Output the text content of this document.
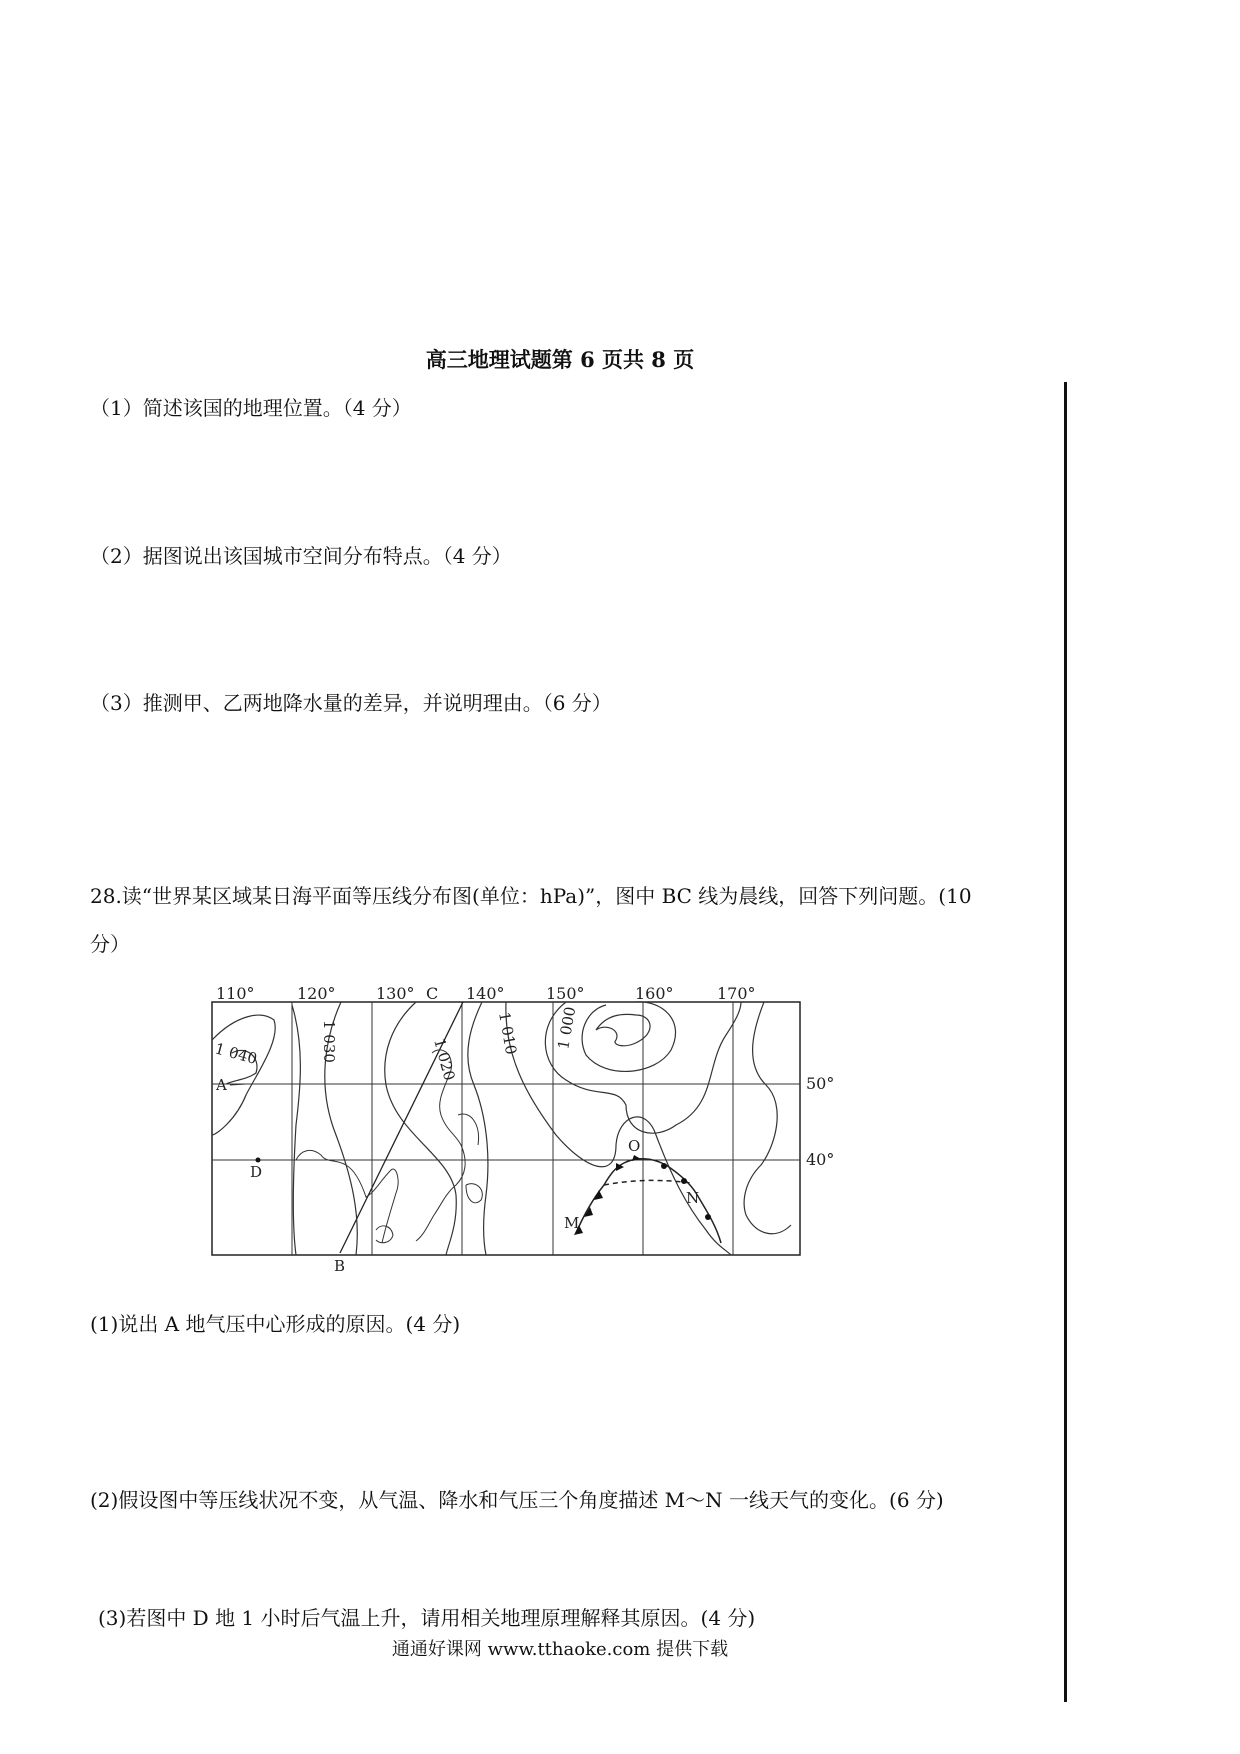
高三地理试题第 6 页共 8 页
（1）简述该国的地理位置。（4 分）
（2）据图说出该国城市空间分布特点。（4 分）
（3）推测甲、乙两地降水量的差异，并说明理由。（6 分）
28.读“世界某区域某日海平面等压线分布图(单位：hPa)”，图中 BC 线为晨线，回答下列问题。(10
分）
110°	120°	130°	140°	150°	160°	170°
50°
40°
1 040	1 030	1 020
1 010 1 000
A
D
B
C
M
N
O
(1)说出 A 地气压中心形成的原因。(4 分)
(2)假设图中等压线状况不变，从气温、降水和气压三个角度描述 M～N 一线天气的变化。(6 分)
(3)若图中 D 地 1 小时后气温上升，请用相关地理原理解释其原因。(4 分)
通通好课网 www.tthaoke.com 提供下载
